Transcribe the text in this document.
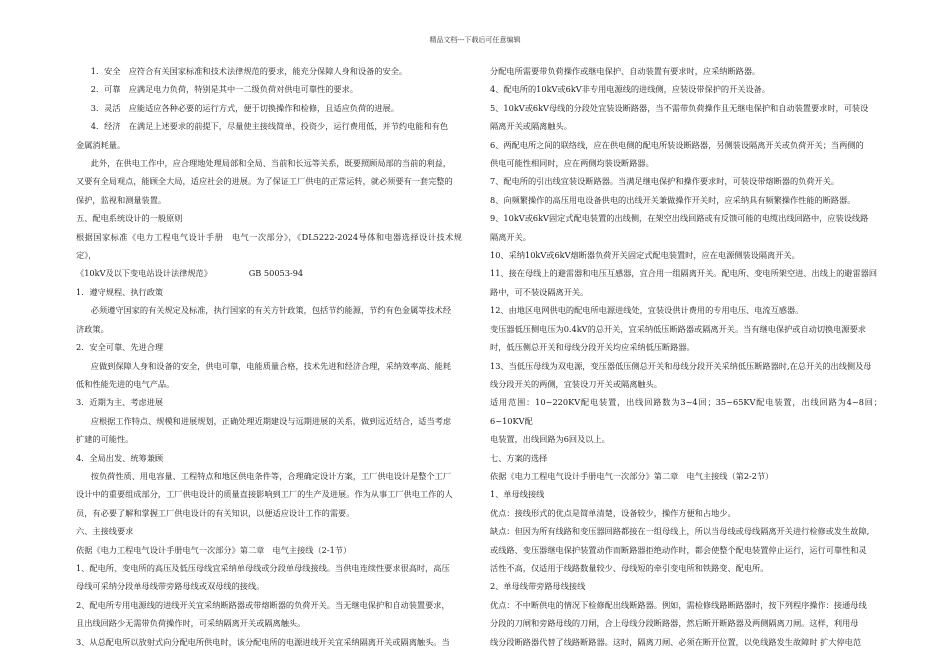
精品文档---下载后可任意编辑

1．安全　应符合有关国家标准和技术法律规范的要求，能充分保障人身和设备的安全。

2．可靠　应满足电力负荷，特别是其中一二级负荷对供电可靠性的要求。

3．灵活　应能适应各种必要的运行方式，便于切换操作和检修，且适应负荷的进展。

4．经济　在满足上述要求的前提下，尽量使主接线简单，投资少，运行费用低，并节约电能和有色

金属消耗量。

此外，在供电工作中，应合理地处理局部和全局、当前和长远等关系，既要照顾局部的当前的利益，

又要有全局观点，能顾全大局，适应社会的进展。为了保证工厂供电的正常运转，就必须要有一套完整的

保护，监视和测量装置。

五、配电系统设计的一般原则

根据国家标准《电力工程电气设计手册　电气一次部分》，《DL5222-2024导体和电器选择设计技术规定》，

《10kV及以下变电站设计法律规范》　　　　　GB 50053-94

1．遵守规程、执行政策

必须遵守国家的有关规定及标准，执行国家的有关方针政策，包括节约能源，节约有色金属等技术经

济政策。

2．安全可靠、先进合理

应做到保障人身和设备的安全，供电可靠，电能质量合格，技术先进和经济合理，采纳效率高、能耗

低和性能先进的电气产品。

3．近期为主、考虑进展

应根据工作特点、规模和进展规划，正确处理近期建设与远期进展的关系，做到远近结合，适当考虑

扩建的可能性。

4．全局出发、统筹兼顾

按负荷性质、用电容量、工程特点和地区供电条件等，合理确定设计方案，工厂供电设计是整个工厂

设计中的重要组成部分，工厂供电设计的质量直接影响到工厂的生产及进展。作为从事工厂供电工作的人

员，有必要了解和掌握工厂供电设计的有关知识，以便适应设计工作的需要。

六、主接线要求

依据《电力工程电气设计手册电气一次部分》第二章　电气主接线（2-1节）

1、配电所、变电所的高压及低压母线宜采纳单母线或分段单母线接线。当供电连续性要求很高时，高压

母线可采纳分段单母线带旁路母线或双母线的接线。

2、配电所专用电源线的进线开关宜采纳断路器或带熔断器的负荷开关。当无继电保护和自动装置要求，

且出线回路少无需带负荷操作时，可采纳隔离开关或隔离触头。

3、从总配电所以放射式向分配电所供电时，该分配电所的电源进线开关宜采纳隔离开关或隔离触头。当

分配电所需要带负荷操作或继电保护、自动装置有要求时，应采纳断路器。

4、配电所的10kV或6kV非专用电源线的进线侧，应装设带保护的开关设备。

5、10kV或6kV母线的分段处宜装设断路器，当不需带负荷操作且无继电保护和自动装置要求时，可装设

隔离开关或隔离触头。

6、两配电所之间的联络线，应在供电侧的配电所装设断路器，另侧装设隔离开关或负荷开关；当两侧的

供电可能性相同时，应在两侧均装设断路器。

7、配电所的引出线宜装设断路器。当满足继电保护和操作要求时，可装设带熔断器的负荷开关。

8、向频繁操作的高压用电设备供电的出线开关兼做操作开关时，应采纳具有频繁操作性能的断路器。

9、10kV或6kV固定式配电装置的出线侧，在架空出线回路或有反馈可能的电缆出线回路中，应装设线路

隔离开关。

10、采纳10kV或6kV熔断器负荷开关固定式配电装置时，应在电源侧装设隔离开关。

11、接在母线上的避雷器和电压互感器，宜合用一组隔离开关。配电所、变电所架空进、出线上的避雷器回

路中，可不装设隔离开关。

12、由地区电网供电的配电所电源进线处，宜装设供计费用的专用电压、电流互感器。

变压器低压侧电压为0.4kV的总开关，宜采纳低压断路器或隔离开关。当有继电保护或自动切换电源要求

时，低压侧总开关和母线分段开关均应采纳低压断路器。

13、当低压母线为双电源，变压器低压侧总开关和母线分段开关采纳低压断路器时,在总开关的出线侧及母

线分段开关的两侧，宜装设刀开关或隔离触头。

适用范围：10~220KV配电装置，出线回路数为3~4回；35~65KV配电装置，出线回路为4~8回；6~10KV配

电装置，出线回路为6回及以上。

七、方案的选择

依据《电力工程电气设计手册电气一次部分》第二章　电气主接线（第2-2节）

1、单母线接线

优点：接线形式的优点是简单清楚，设备较少，操作方便和占地少。

缺点：但因为所有线路和变压器回路都接在一组母线上，所以当母线或母线隔离开关进行检修或发生故障,

或线路、变压器继电保护装置动作而断路器拒绝动作时，都会使整个配电装置停止运行，运行可靠性和灵

活性不高，仅适用于线路数量较少、母线短的牵引变电所和铁路变、配电所。

2、单母线带旁路母线接线

优点：不中断供电的情况下检修配出线断路器。例如，需检修线路断路器时，按下列程序操作：接通母线

分段的刀闸和旁路母线的刀闸，合上母线分段断路器，然后断开断路器及两侧隔离刀闸。这样，利用母

线分段断路器代替了线路断路器。这时，隔离刀闸、必须在断开位置，以免线路发生故障时 扩大停电范
